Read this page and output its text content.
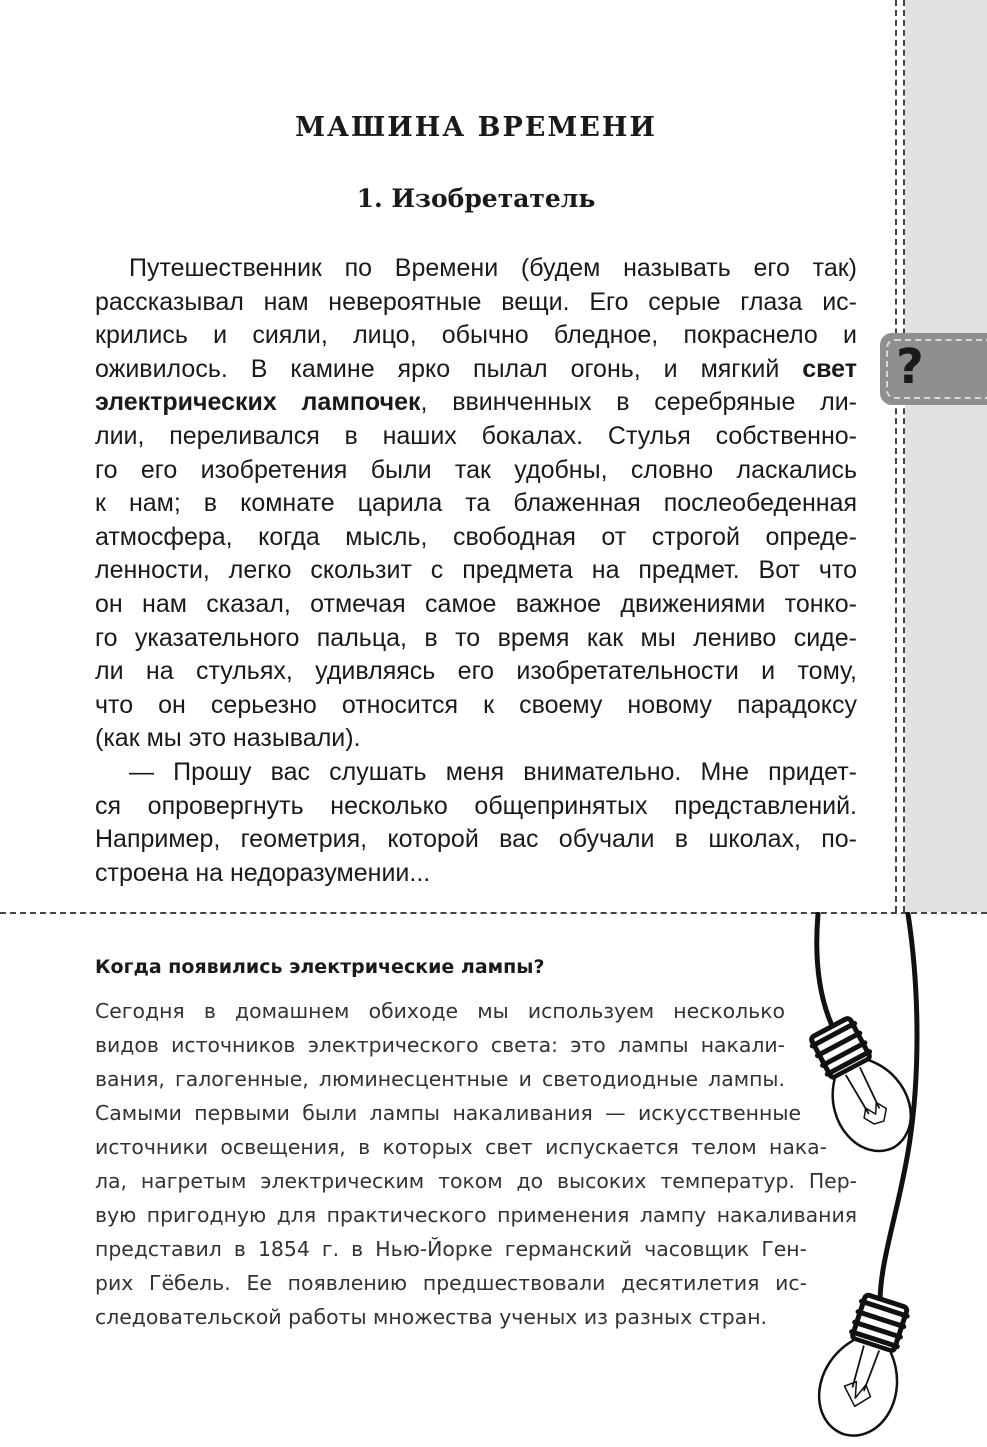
?
МАШИНА ВРЕМЕНИ
1. Изобретатель
Путешественник по Времени (будем называть его так)
рассказывал нам невероятные вещи. Его серые глаза ис-
крились и сияли, лицо, обычно бледное, покраснело и
оживилось. В камине ярко пылал огонь, и мягкий свет
электрических лампочек, ввинченных в серебряные ли-
лии, переливался в наших бокалах. Стулья собственно-
го его изобретения были так удобны, словно ласкались
к нам; в комнате царила та блаженная послеобеденная
атмосфера, когда мысль, свободная от строгой опреде-
ленности, легко скользит с предмета на предмет. Вот что
он нам сказал, отмечая самое важное движениями тонко-
го указательного пальца, в то время как мы лениво сиде-
ли на стульях, удивляясь его изобретательности и тому,
что он серьезно относится к своему новому парадоксу
(как мы это называли).
— Прошу вас слушать меня внимательно. Мне придет-
ся опровергнуть несколько общепринятых представлений.
Например, геометрия, которой вас обучали в школах, по-
строена на недоразумении...
Когда появились электрические лампы?
Сегодня в домашнем обиходе мы используем несколько
видов источников электрического света: это лампы накали-
вания, галогенные, люминесцентные и светодиодные лампы.
Самыми первыми были лампы накаливания — искусственные
источники освещения, в которых свет испускается телом нака-
ла, нагретым электрическим током до высоких температур. Пер-
вую пригодную для практического применения лампу накаливания
представил в 1854 г. в Нью-Йорке германский часовщик Ген-
рих Гёбель. Ее появлению предшествовали десятилетия ис-
следовательской работы множества ученых из разных стран.
